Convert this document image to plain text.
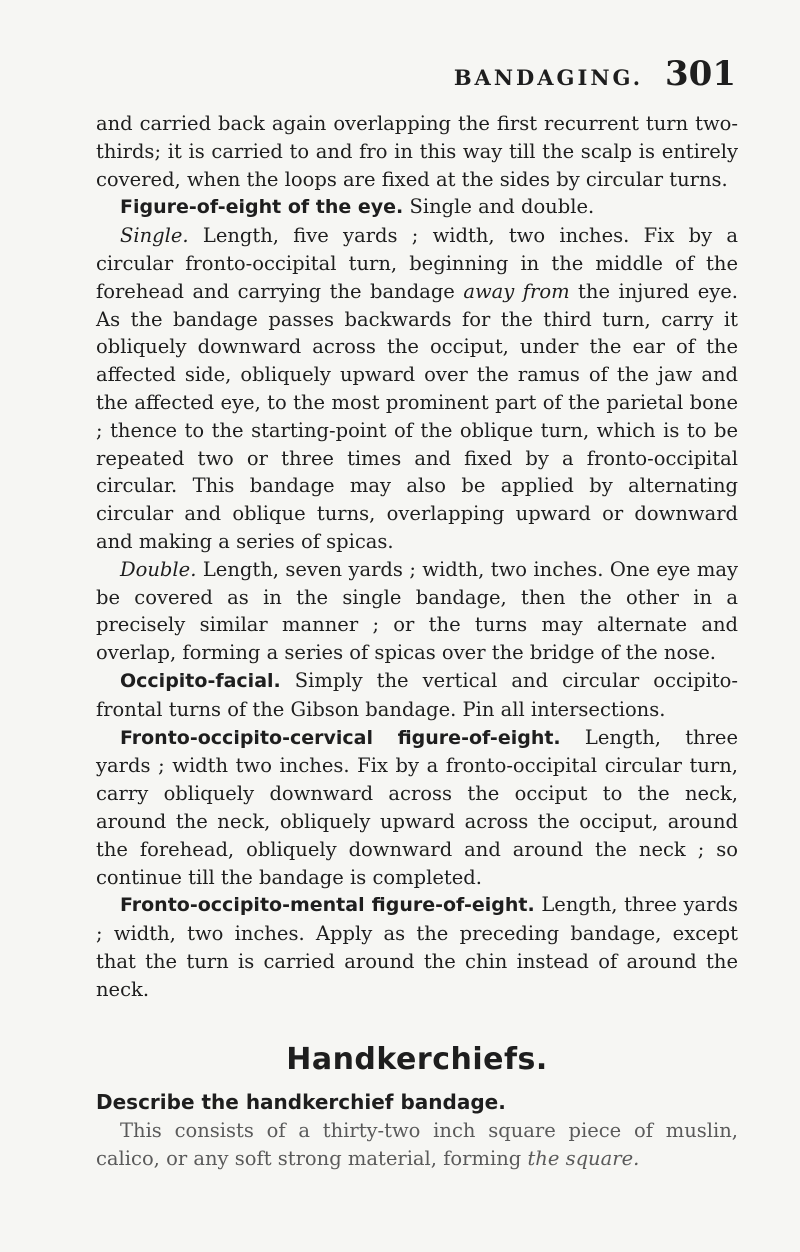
BANDAGING. 301

and carried back again overlapping the first recurrent turn two-thirds; it is carried to and fro in this way till the scalp is entirely covered, when the loops are fixed at the sides by circular turns.

Figure-of-eight of the eye. Single and double.

Single. Length, five yards ; width, two inches. Fix by a circular fronto-occipital turn, beginning in the middle of the forehead and carrying the bandage away from the injured eye. As the bandage passes backwards for the third turn, carry it obliquely downward across the occiput, under the ear of the affected side, obliquely upward over the ramus of the jaw and the affected eye, to the most prominent part of the parietal bone ; thence to the starting-point of the oblique turn, which is to be repeated two or three times and fixed by a fronto-occipital circular. This bandage may also be applied by alternating circular and oblique turns, overlapping upward or downward and making a series of spicas.

Double. Length, seven yards ; width, two inches. One eye may be covered as in the single bandage, then the other in a precisely similar manner ; or the turns may alternate and overlap, forming a series of spicas over the bridge of the nose.

Occipito-facial. Simply the vertical and circular occipito-frontal turns of the Gibson bandage. Pin all intersections.

Fronto-occipito-cervical figure-of-eight. Length, three yards ; width two inches. Fix by a fronto-occipital circular turn, carry obliquely downward across the occiput to the neck, around the neck, obliquely upward across the occiput, around the forehead, obliquely downward and around the neck ; so continue till the bandage is completed.

Fronto-occipito-mental figure-of-eight. Length, three yards ; width, two inches. Apply as the preceding bandage, except that the turn is carried around the chin instead of around the neck.

Handkerchiefs.

Describe the handkerchief bandage.

This consists of a thirty-two inch square piece of muslin, calico, or any soft strong material, forming the square.
